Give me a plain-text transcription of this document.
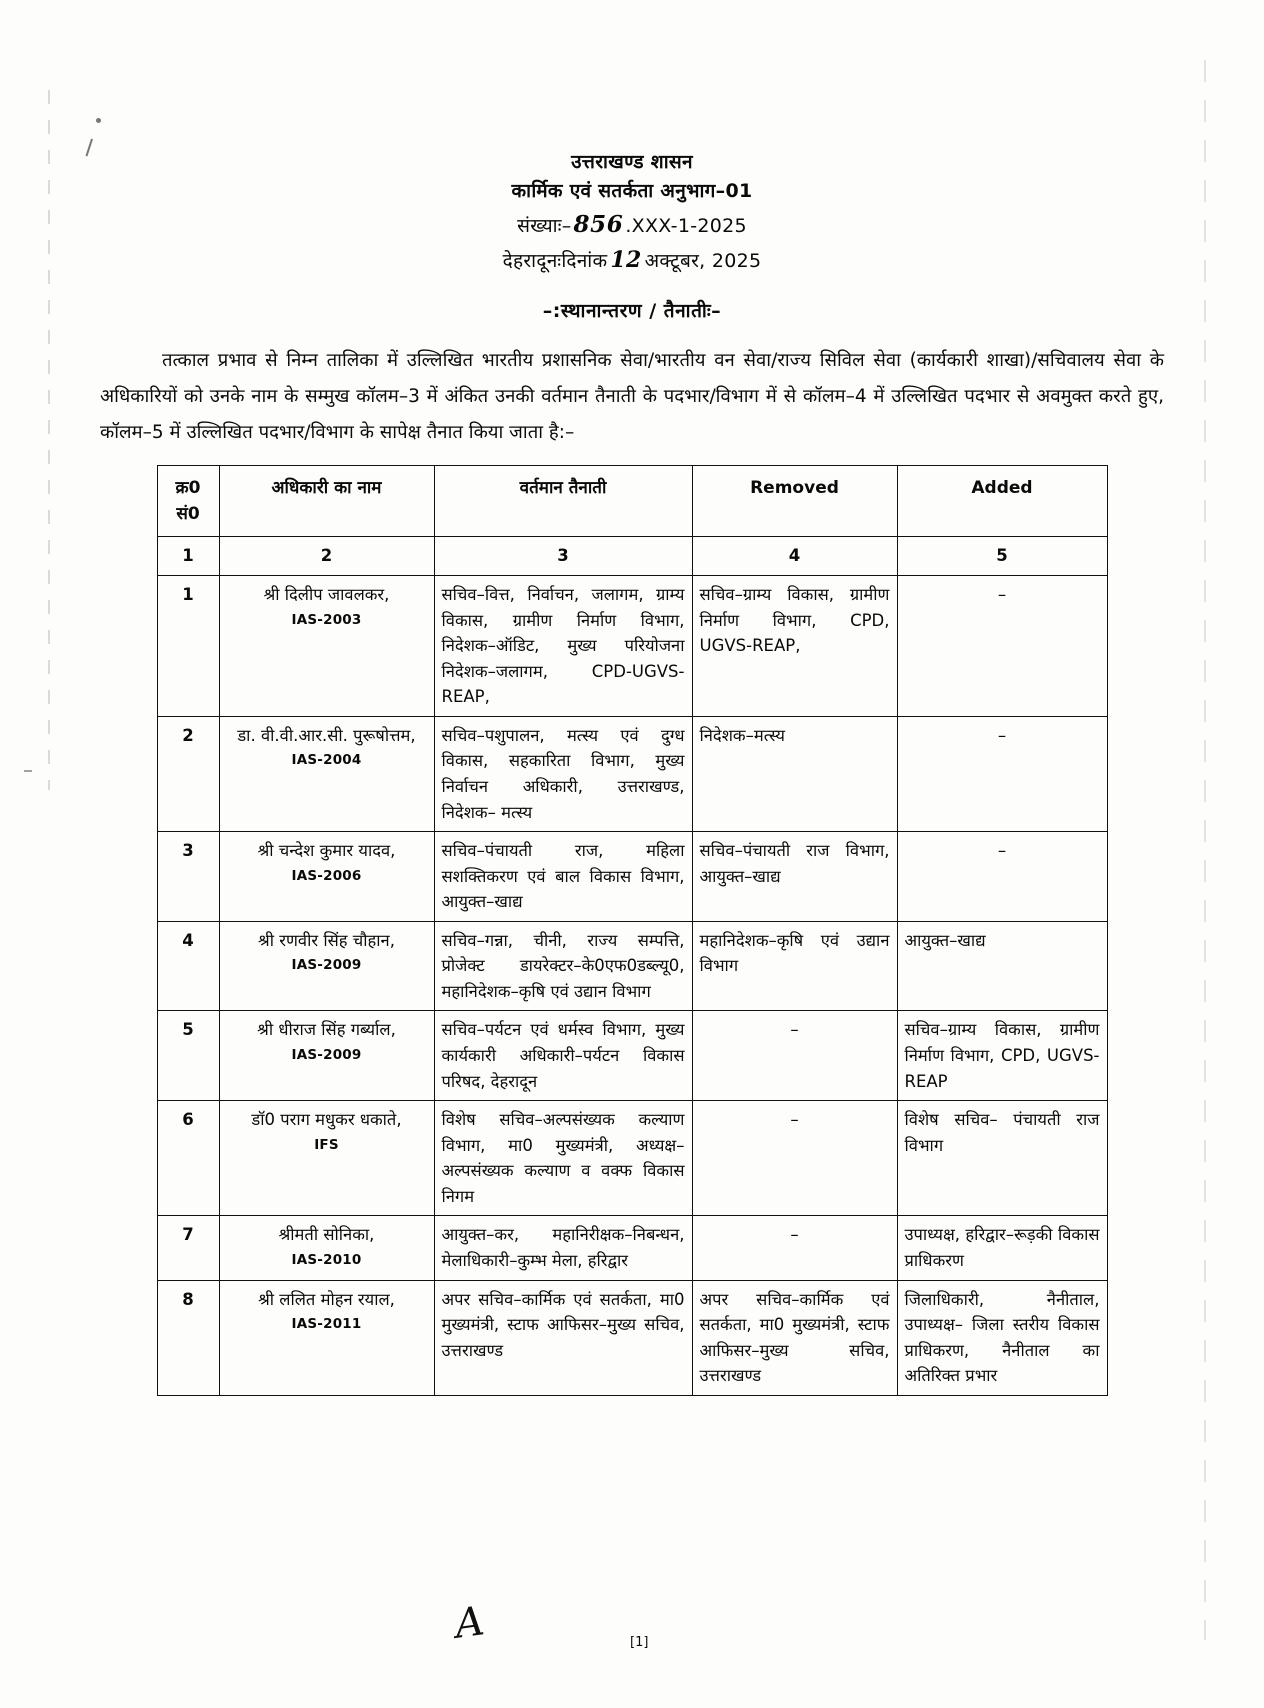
उत्तराखण्ड शासन
कार्मिक एवं सतर्कता अनुभाग–01
संख्याः–856 .XXX-1-2025
देहरादूनःदिनांक 12 अक्टूबर, 2025
–:स्थानान्तरण / तैनातीः–
तत्काल प्रभाव से निम्न तालिका में उल्लिखित भारतीय प्रशासनिक सेवा/भारतीय वन सेवा/राज्य सिविल सेवा (कार्यकारी शाखा)/सचिवालय सेवा के अधिकारियों को उनके नाम के सम्मुख कॉलम–3 में अंकित उनकी वर्तमान तैनाती के पदभार/विभाग में से कॉलम–4 में उल्लिखित पदभार से अवमुक्त करते हुए, कॉलम–5 में उल्लिखित पदभार/विभाग के सापेक्ष तैनात किया जाता है:–
क्र0
सं0	अधिकारी का नाम	वर्तमान तैनाती	Removed	Added
1	2	3	4	5
1	श्री दिलीप जावलकर,
IAS-2003	सचिव–वित्त, निर्वाचन, जलागम, ग्राम्य विकास, ग्रामीण निर्माण विभाग, निदेशक–ऑडिट, मुख्य परियोजना निदेशक–जलागम, CPD-UGVS-REAP,	सचिव–ग्राम्य विकास, ग्रामीण निर्माण विभाग, CPD, UGVS-REAP,	–
2	डा. वी.वी.आर.सी. पुरूषोत्तम,
IAS-2004	सचिव–पशुपालन, मत्स्य एवं दुग्ध विकास, सहकारिता विभाग, मुख्य निर्वाचन अधिकारी, उत्तराखण्ड, निदेशक– मत्स्य	निदेशक–मत्स्य	–
3	श्री चन्देश कुमार यादव,
IAS-2006	सचिव–पंचायती राज, महिला सशक्तिकरण एवं बाल विकास विभाग, आयुक्त–खाद्य	सचिव–पंचायती राज विभाग, आयुक्त–खाद्य	–
4	श्री रणवीर सिंह चौहान,
IAS-2009	सचिव–गन्ना, चीनी, राज्य सम्पत्ति, प्रोजेक्ट डायरेक्टर–के0एफ0डब्ल्यू0, महानिदेशक–कृषि एवं उद्यान विभाग	महानिदेशक–कृषि एवं उद्यान विभाग	आयुक्त–खाद्य
5	श्री धीराज सिंह गर्ब्याल,
IAS-2009	सचिव–पर्यटन एवं धर्मस्व विभाग, मुख्य कार्यकारी अधिकारी–पर्यटन विकास परिषद, देहरादून	–	सचिव–ग्राम्य विकास, ग्रामीण निर्माण विभाग, CPD, UGVS-REAP
6	डॉ0 पराग मधुकर धकाते,
IFS	विशेष सचिव–अल्पसंख्यक कल्याण विभाग, मा0 मुख्यमंत्री, अध्यक्ष– अल्पसंख्यक कल्याण व वक्फ विकास निगम	–	विशेष सचिव– पंचायती राज विभाग
7	श्रीमती सोनिका,
IAS-2010	आयुक्त–कर, महानिरीक्षक–निबन्धन, मेलाधिकारी–कुम्भ मेला, हरिद्वार	–	उपाध्यक्ष, हरिद्वार–रूड़की विकास प्राधिकरण
8	श्री ललित मोहन रयाल,
IAS-2011	अपर सचिव–कार्मिक एवं सतर्कता, मा0 मुख्यमंत्री, स्टाफ आफिसर–मुख्य सचिव, उत्तराखण्ड	अपर सचिव–कार्मिक एवं सतर्कता, मा0 मुख्यमंत्री, स्टाफ आफिसर–मुख्य सचिव, उत्तराखण्ड	जिलाधिकारी, नैनीताल, उपाध्यक्ष– जिला स्तरीय विकास प्राधिकरण, नैनीताल का अतिरिक्त प्रभार
A	[1]
